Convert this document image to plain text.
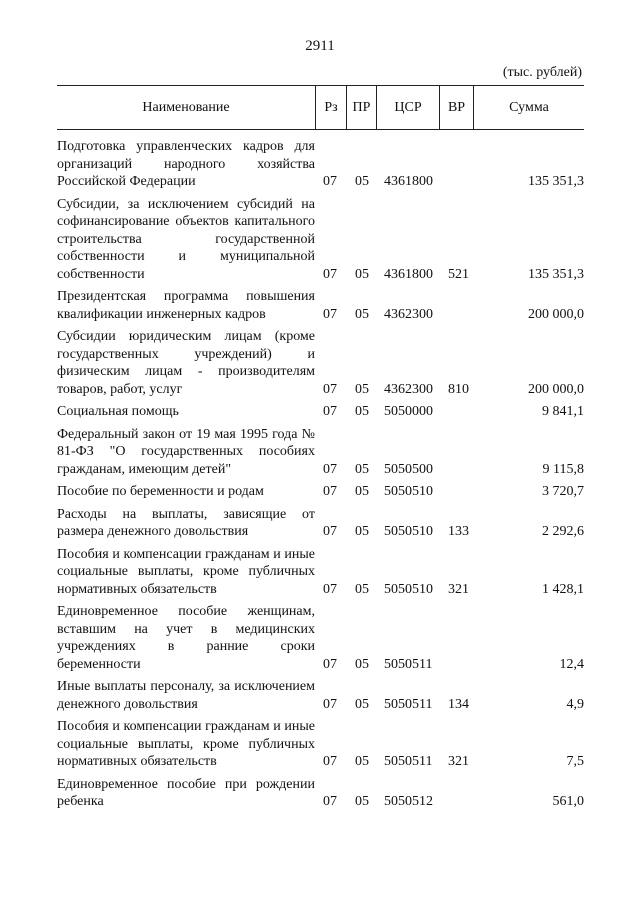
2911
(тыс. рублей)
Наименование	Рз	ПР	ЦСР	ВР	Сумма
Подготовка управленческих кадров для организаций народного хозяйства Российской Федерации	07 05 4361800	135 351,3
Субсидии, за исключением субсидий на софинансирование объектов капитального строительства государственной собственности и муниципальной собственности	07 05 4361800 521	135 351,3
Президентская программа повышения квалификации инженерных кадров	07 05 4362300	200 000,0
Субсидии юридическим лицам (кроме государственных учреждений) и физическим лицам - производителям товаров, работ, услуг	07 05 4362300 810	200 000,0
Социальная помощь	07 05 5050000	9 841,1
Федеральный закон от 19 мая 1995 года № 81-ФЗ "О государственных пособиях гражданам, имеющим детей"	07 05 5050500	9 115,8
Пособие по беременности и родам	07 05 5050510	3 720,7
Расходы на выплаты, зависящие от размера денежного довольствия	07 05 5050510 133	2 292,6
Пособия и компенсации гражданам и иные социальные выплаты, кроме публичных нормативных обязательств	07 05 5050510 321	1 428,1
Единовременное пособие женщинам, вставшим на учет в медицинских учреждениях в ранние сроки беременности	07 05 5050511	12,4
Иные выплаты персоналу, за исключением денежного довольствия	07 05 5050511 134	4,9
Пособия и компенсации гражданам и иные социальные выплаты, кроме публичных нормативных обязательств	07 05 5050511 321	7,5
Единовременное пособие при рождении ребенка	07 05 5050512	561,0
